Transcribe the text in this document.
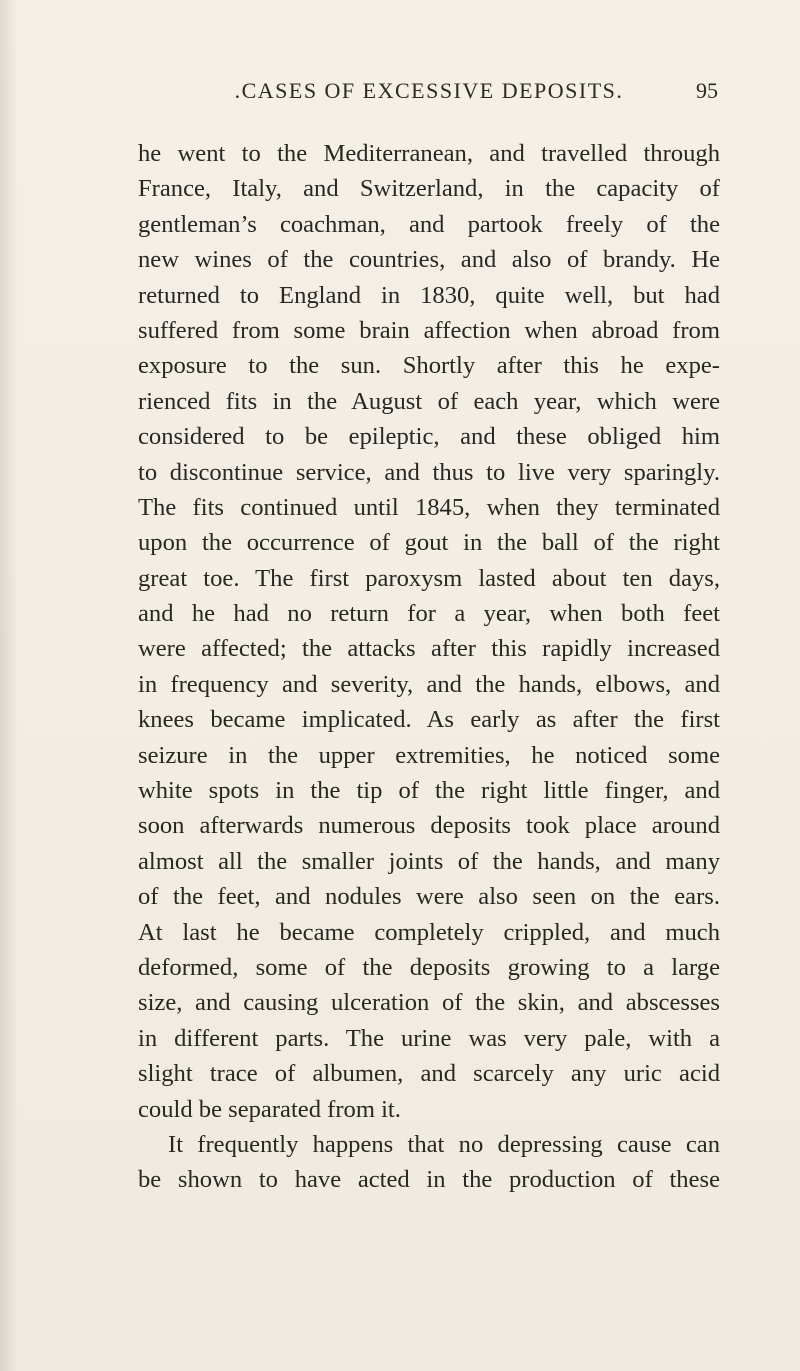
.CASES OF EXCESSIVE DEPOSITS.	95
he went to the Mediterranean, and travelled through
France, Italy, and Switzerland, in the capacity of
gentleman’s coachman, and partook freely of the
new wines of the countries, and also of brandy. He
returned to England in 1830, quite well, but had
suffered from some brain affection when abroad from
exposure to the sun. Shortly after this he expe-
rienced fits in the August of each year, which were
considered to be epileptic, and these obliged him
to discontinue service, and thus to live very sparingly.
The fits continued until 1845, when they terminated
upon the occurrence of gout in the ball of the right
great toe. The first paroxysm lasted about ten days,
and he had no return for a year, when both feet
were affected; the attacks after this rapidly increased
in frequency and severity, and the hands, elbows, and
knees became implicated. As early as after the first
seizure in the upper extremities, he noticed some
white spots in the tip of the right little finger, and
soon afterwards numerous deposits took place around
almost all the smaller joints of the hands, and many
of the feet, and nodules were also seen on the ears.
At last he became completely crippled, and much
deformed, some of the deposits growing to a large
size, and causing ulceration of the skin, and abscesses
in different parts. The urine was very pale, with a
slight trace of albumen, and scarcely any uric acid
could be separated from it.
It frequently happens that no depressing cause can
be shown to have acted in the production of these
